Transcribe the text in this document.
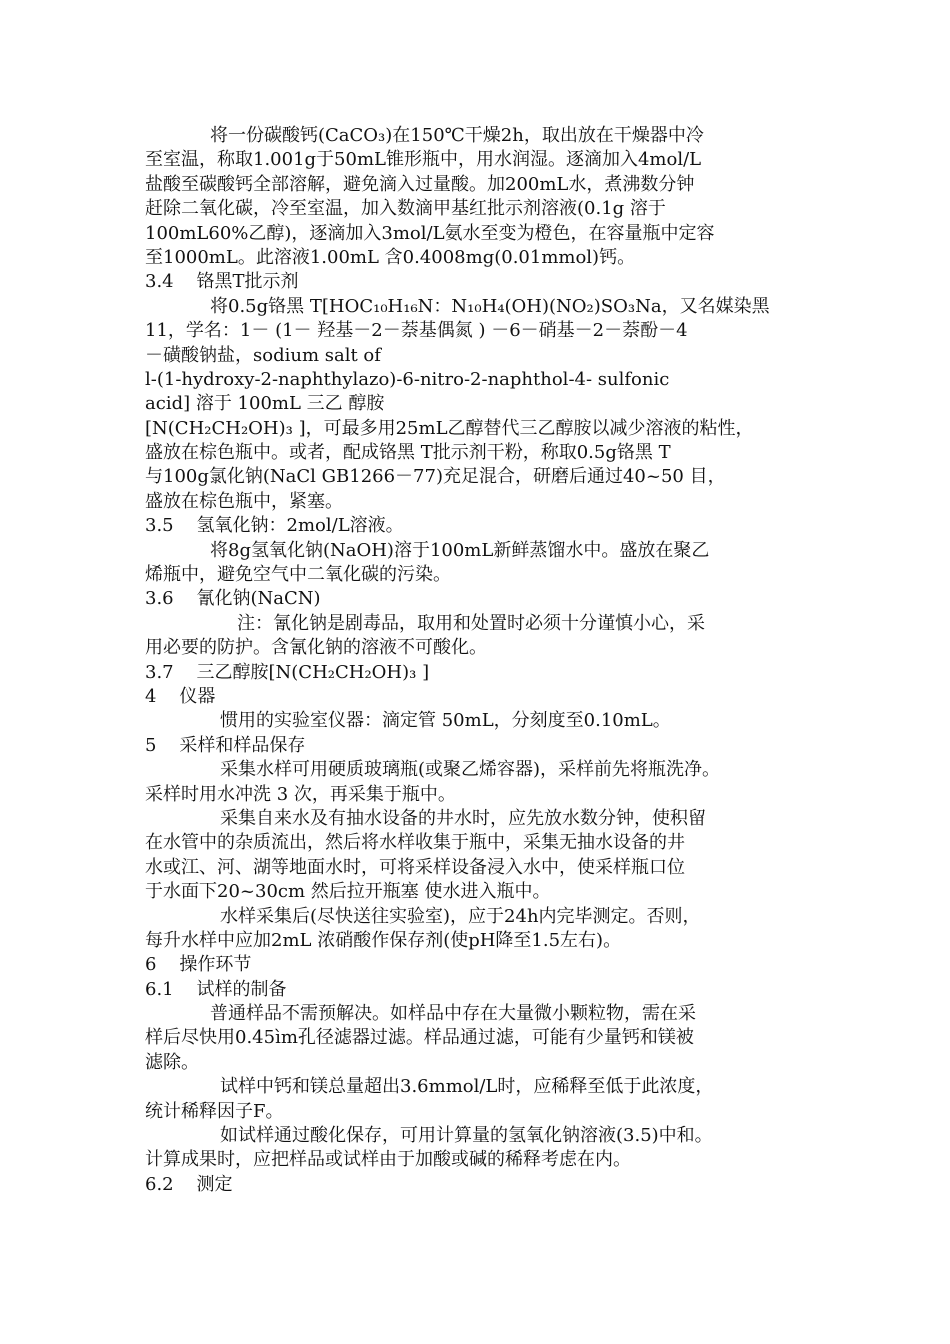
将一份碳酸钙(CaCO₃)在150℃干燥2h，取出放在干燥器中冷
至室温，称取1.001g于50mL锥形瓶中，用水润湿。逐滴加入4mol/L
盐酸至碳酸钙全部溶解，避免滴入过量酸。加200mL水，煮沸数分钟
赶除二氧化碳，冷至室温，加入数滴甲基红批示剂溶液(0.1g 溶于
100mL60%乙醇)，逐滴加入3mol/L氨水至变为橙色，在容量瓶中定容
至1000mL。此溶液1.00mL 含0.4008mg(0.01mmol)钙。
3.4    铬黑T批示剂
将0.5g铬黑 T[HOC₁₀H₁₆N：N₁₀H₄(OH)(NO₂)SO₃Na，又名媒染黑
11，学名：1－ (1－ 羟基－2－萘基偶氮 ) －6－硝基－2－萘酚－4
－磺酸钠盐，sodium salt of
l-(1-hydroxy-2-naphthylazo)-6-nitro-2-naphthol-4- sulfonic
acid] 溶于 100mL 三乙 醇胺
[N(CH₂CH₂OH)₃ ]，可最多用25mL乙醇替代三乙醇胺以减少溶液的粘性，
盛放在棕色瓶中。或者，配成铬黑 T批示剂干粉，称取0.5g铬黑 T
与100g氯化钠(NaCl GB1266－77)充足混合，研磨后通过40~50 目，
盛放在棕色瓶中，紧塞。
3.5    氢氧化钠：2mol/L溶液。
将8g氢氧化钠(NaOH)溶于100mL新鲜蒸馏水中。盛放在聚乙
烯瓶中，避免空气中二氧化碳的污染。
3.6    氰化钠(NaCN)
注：氰化钠是剧毒品，取用和处置时必须十分谨慎小心，采
用必要的防护。含氰化钠的溶液不可酸化。
3.7    三乙醇胺[N(CH₂CH₂OH)₃ ]
4    仪器
惯用的实验室仪器：滴定管 50mL，分刻度至0.10mL。
5    采样和样品保存
采集水样可用硬质玻璃瓶(或聚乙烯容器)，采样前先将瓶洗净。
采样时用水冲洗 3 次，再采集于瓶中。
采集自来水及有抽水设备的井水时，应先放水数分钟，使积留
在水管中的杂质流出，然后将水样收集于瓶中，采集无抽水设备的井
水或江、河、湖等地面水时，可将采样设备浸入水中，使采样瓶口位
于水面下20~30cm 然后拉开瓶塞 使水进入瓶中。
水样采集后(尽快送往实验室)，应于24h内完毕测定。否则，
每升水样中应加2mL 浓硝酸作保存剂(使pH降至1.5左右)。
6    操作环节
6.1    试样的制备
普通样品不需预解决。如样品中存在大量微小颗粒物，需在采
样后尽快用0.45ìm孔径滤器过滤。样品通过滤，可能有少量钙和镁被
滤除。
试样中钙和镁总量超出3.6mmol/L时，应稀释至低于此浓度，
统计稀释因子F。
如试样通过酸化保存，可用计算量的氢氧化钠溶液(3.5)中和。
计算成果时，应把样品或试样由于加酸或碱的稀释考虑在内。
6.2    测定
